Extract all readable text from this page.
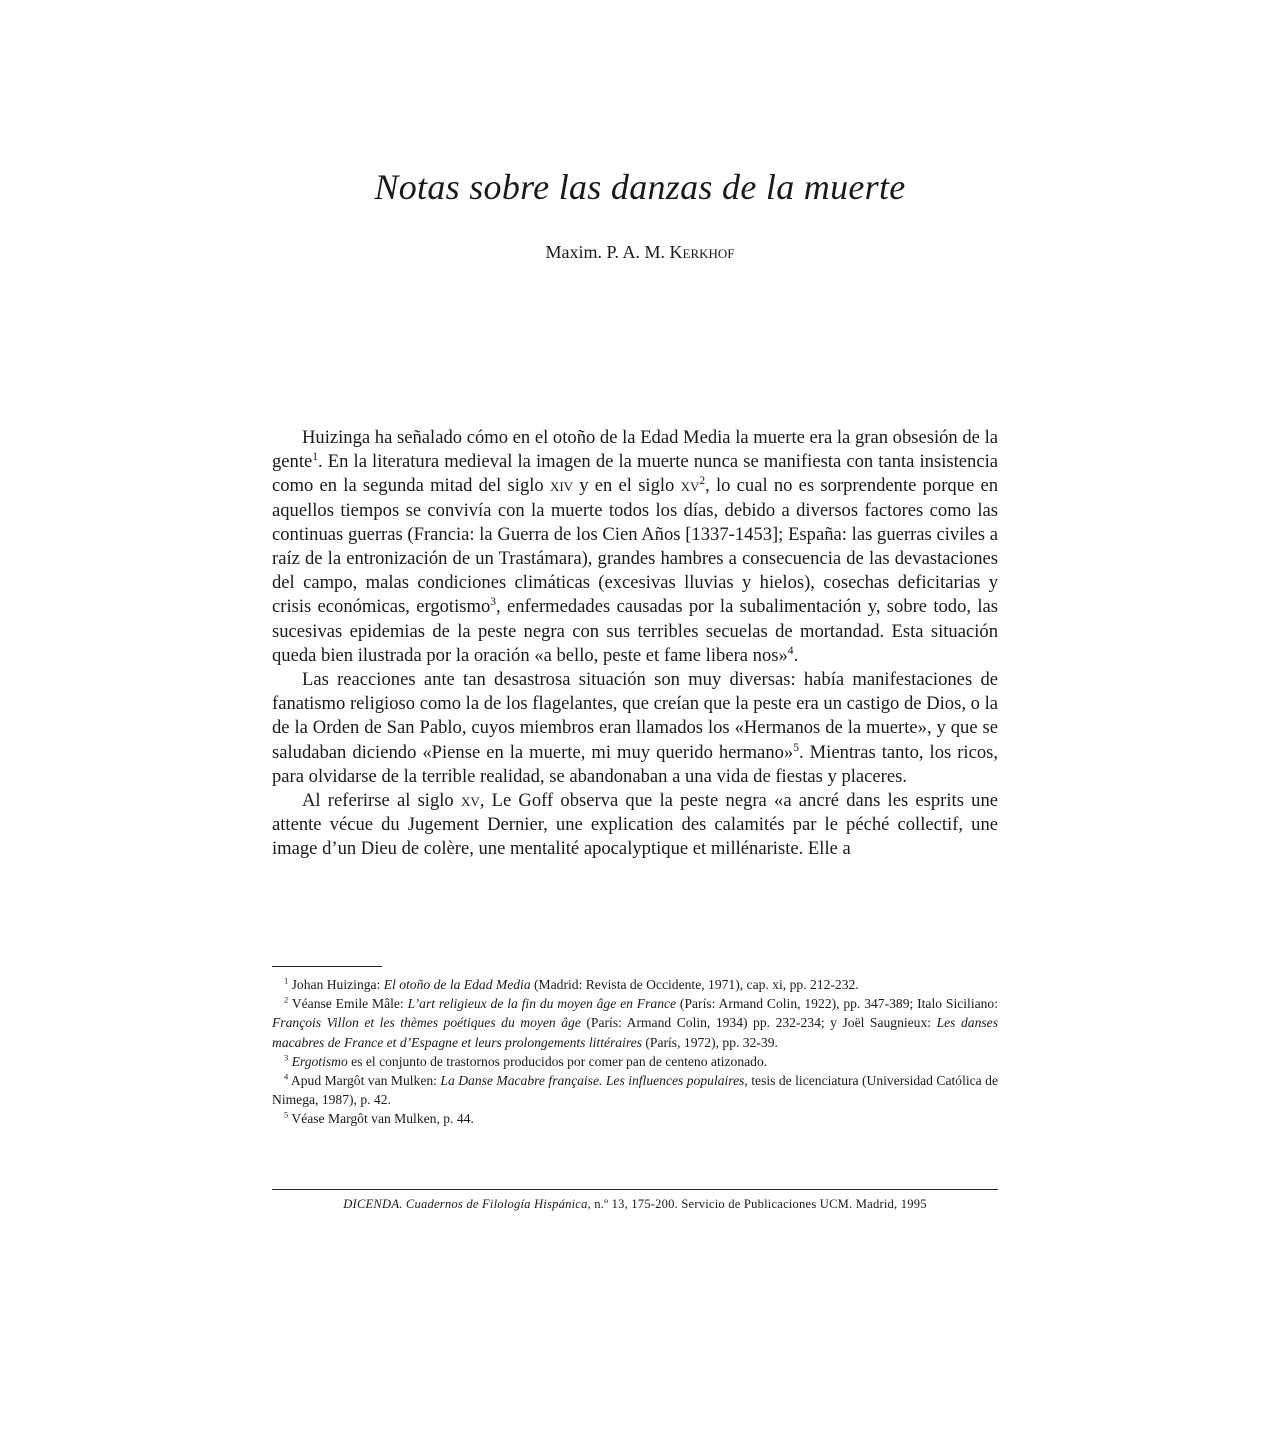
Notas sobre las danzas de la muerte
Maxim. P. A. M. Kerkhof

Huizinga ha señalado cómo en el otoño de la Edad Media la muerte era la gran obsesión de la gente$^1$. En la literatura medieval la imagen de la muerte nunca se manifiesta con tanta insistencia como en la segunda mitad del siglo xiv y en el siglo $xv^2$, lo cual no es sorprendente porque en aquellos tiempos se convivía con la muerte todos los días, debido a diversos factores como las continuas guerras (Francia: la Guerra de los Cien Años [1337-1453]; España: las guerras civiles a raíz de la entronización de un Trastámara), grandes hambres a consecuencia de las devastaciones del campo, malas condiciones climáticas (excesivas lluvias y hielos), cosechas deficitarias y crisis económicas, ergotismo$^3$, enfermedades causadas por la subalimentación y, sobre todo, las sucesivas epidemias de la peste negra con sus terribles secuelas de mortandad. Esta situación queda bien ilustrada por la oración «a bello, peste et fame libera nos»$^4$.

Las reacciones ante tan desastrosa situación son muy diversas: había manifestaciones de fanatismo religioso como la de los flagelantes, que creían que la peste era un castigo de Dios, o la de la Orden de San Pablo, cuyos miembros eran llamados los «Hermanos de la muerte», y que se saludaban diciendo «Piense en la muerte, mi muy querido hermano»$^5$. Mientras tanto, los ricos, para olvidarse de la terrible realidad, se abandonaban a una vida de fiestas y placeres.

Al referirse al siglo xv, Le Goff observa que la peste negra «a ancré dans les esprits une attente vécue du Jugement Dernier, une explication des calamités par le péché collectif, une image d’un Dieu de colère, une mentalité apocalyptique et millénariste. Elle a

$^1$ Johan Huizinga: El otoño de la Edad Media (Madrid: Revista de Occidente, 1971), cap. xi, pp. 212-232.

$^2$ Véanse Emile Mâle: L’art religieux de la fin du moyen âge en France (París: Armand Colin, 1922), pp. 347-389; Italo Siciliano: François Villon et les thèmes poétiques du moyen âge (París: Armand Colin, 1934) pp. 232-234; y Joël Saugnieux: Les danses macabres de France et d’Espagne et leurs prolongements littéraires (París, 1972), pp. 32-39.

$^3$ Ergotismo es el conjunto de trastornos producidos por comer pan de centeno atizonado.

$^4$ Apud Margôt van Mulken: La Danse Macabre française. Les influences populaires, tesis de licenciatura (Universidad Católica de Nimega, 1987), p. 42.

$^5$ Véase Margôt van Mulken, p. 44.

DICENDA. Cuadernos de Filología Hispánica, n.º 13, 175-200. Servicio de Publicaciones UCM. Madrid, 1995
